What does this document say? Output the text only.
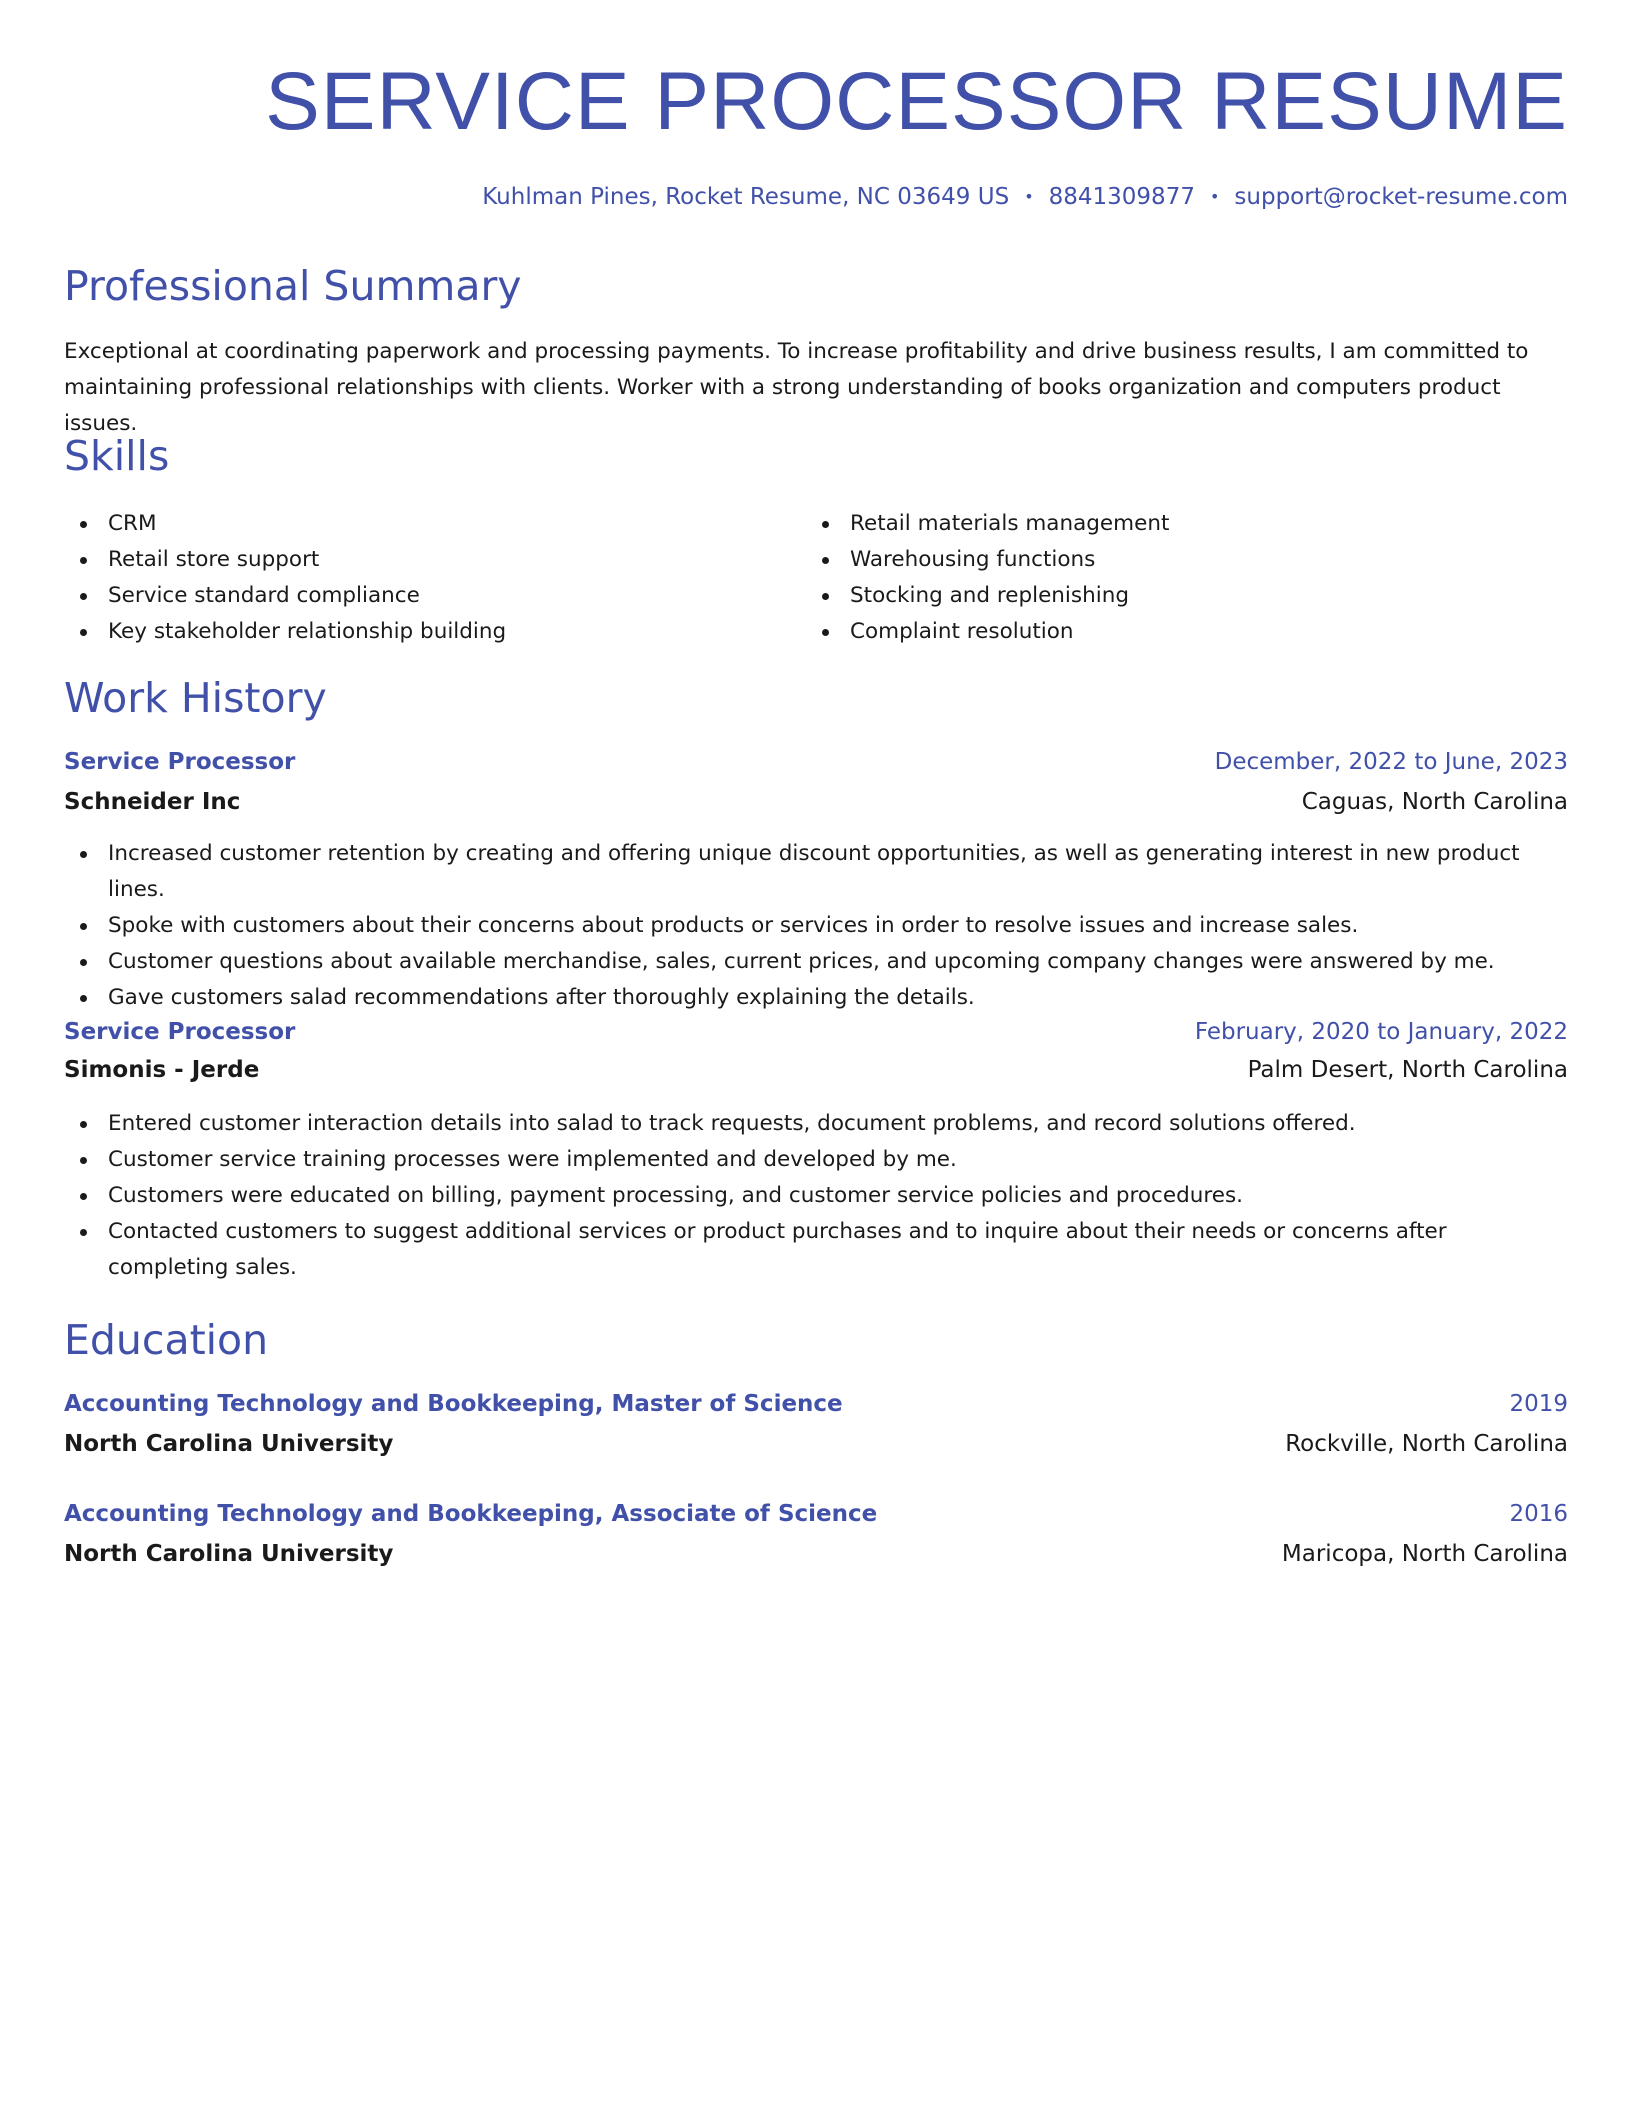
SERVICE PROCESSOR RESUME
Kuhlman Pines, Rocket Resume, NC 03649 US • 8841309877 • support@rocket-resume.com
Professional Summary

Exceptional at coordinating paperwork and processing payments. To increase profitability and drive business results, I am committed to maintaining professional relationships with clients. Worker with a strong understanding of books organization and computers product issues.

Skills
CRM
Retail store support
Service standard compliance
Key stakeholder relationship building
Retail materials management
Warehousing functions
Stocking and replenishing
Complaint resolution
Work History
Service Processor	December, 2022 to June, 2023
Schneider Inc	Caguas, North Carolina
Increased customer retention by creating and offering unique discount opportunities, as well as generating interest in new product lines.
Spoke with customers about their concerns about products or services in order to resolve issues and increase sales.
Customer questions about available merchandise, sales, current prices, and upcoming company changes were answered by me.
Gave customers salad recommendations after thoroughly explaining the details.
Service Processor	February, 2020 to January, 2022
Simonis - Jerde	Palm Desert, North Carolina
Entered customer interaction details into salad to track requests, document problems, and record solutions offered.
Customer service training processes were implemented and developed by me.
Customers were educated on billing, payment processing, and customer service policies and procedures.
Contacted customers to suggest additional services or product purchases and to inquire about their needs or concerns after completing sales.
Education
Accounting Technology and Bookkeeping, Master of Science	2019
North Carolina University	Rockville, North Carolina
Accounting Technology and Bookkeeping, Associate of Science	2016
North Carolina University	Maricopa, North Carolina
